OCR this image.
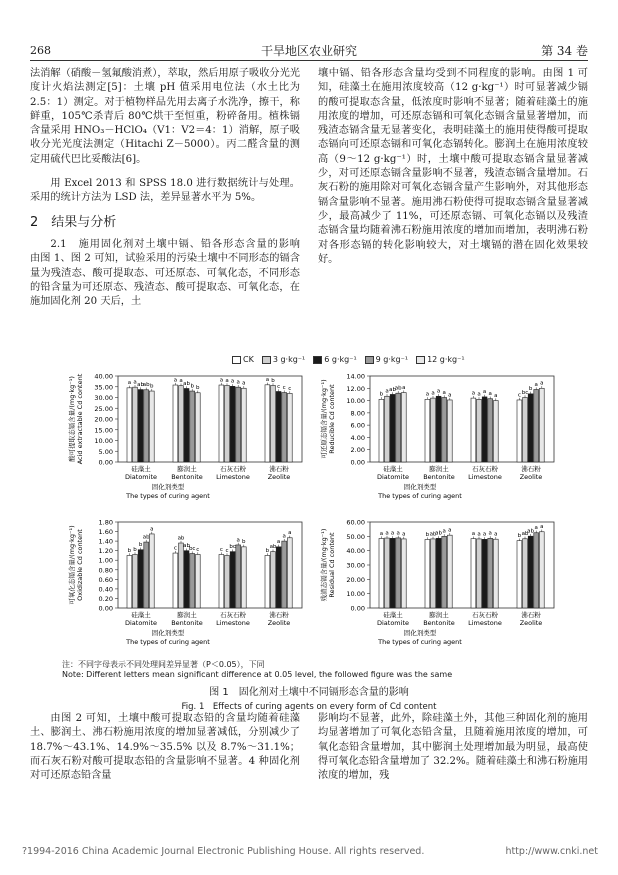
268	干旱地区农业研究	第 34 卷

法消解（硝酸－氢氟酸消煮），萃取，然后用原子吸收分光光度计火焰法测定[5]：土壤 pH 值采用电位法（水土比为 2.5：1）测定。对于植物样品先用去离子水洗净，擦干，称鲜重，105℃杀青后 80℃烘干至恒重，粉碎备用。植株镉含量采用 HNO₃－HClO₄（V1：V2＝4：1）消解，原子吸收分光光度法测定（Hitachi Z－5000）。丙二醛含量的测定用硫代巴比妥酸法[6]。

用 Excel 2013 和 SPSS 18.0 进行数据统计与处理。采用的统计方法为 LSD 法，差异显著水平为 5%。

2　结果与分析

2.1　施用固化剂对土壤中镉、铅各形态含量的影响　由图 1、图 2 可知，试验采用的污染土壤中不同形态的镉含量为残渣态、酸可提取态、可还原态、可氧化态，不同形态的铅含量为可还原态、残渣态、酸可提取态、可氧化态，在施加固化剂 20 天后，土

壤中镉、铅各形态含量均受到不同程度的影响。由图 1 可知，硅藻土在施用浓度较高（12 g·kg⁻¹）时可显著减少镉的酸可提取态含量，低浓度时影响不显著；随着硅藻土的施用浓度的增加，可还原态镉和可氧化态镉含量显著增加，而残渣态镉含量无显著变化，表明硅藻土的施用使得酸可提取态镉向可还原态镉和可氧化态镉转化。膨润土在施用浓度较高（9～12 g·kg⁻¹）时，土壤中酸可提取态镉含量显著减少，对可还原态镉含量影响不显著，残渣态镉含量增加。石灰石粉的施用除对可氧化态镉含量产生影响外，对其他形态镉含量影响不显著。施用沸石粉使得可提取态镉含量显著减少，最高减少了 11%，可还原态镉、可氧化态镉以及残渣态镉含量均随着沸石粉施用浓度的增加而增加，表明沸石粉对各形态镉的转化影响较大，对土壤镉的潜在固化效果较好。

CK	3 g·kg⁻¹	6 g·kg⁻¹	9 g·kg⁻¹	12 g·kg⁻¹
0.00
5.00
10.00
15.00
20.00
25.00
30.00
35.00
40.00
酸可提取态镉含量/(mg·kg⁻¹) Acid extractable Cd content	a a ab
ab b
硅藻土
Diatomite
a a ab b b
膨润土
Bentonite
a a a a a
石灰石粉
Limestone
a b
c c c
沸石粉
Zeolite
固化剂类型
The types of curing agent
0.00
2.00
4.00
6.00
8.00
10.00
12.00
14.00
可还原态镉含量/(mg·kg⁻¹) Reducible Cd content	b
a ab
ab a
硅藻土
Diatomite
a a a a a
膨润土
Bentonite
a a a a a
石灰石粉
Limestone
c bc
b
a a
沸石粉
Zeolite
固化剂类型
The types of curing agent
0.00
0.20
0.40
0.60
0.80
1.00
1.20
1.40
1.60
1.80
可氧化态镉含量/(mg·kg⁻¹) Oxidizable Cd content	b b
b
ab
a
硅藻土
Diatomite
c
ab
ab
bc c
膨润土
Bentonite
c c
bc
a b
石灰石粉
Limestone
b
ab
a
a
a
沸石粉
Zeolite
固化剂类型
The types of curing agent
0.00
10.00
20.00
30.00
40.00
50.00
60.00
残渣态镉含量/(mg·kg⁻¹) Residual Cd content	a a a a a
硅藻土
Diatomite
b ab
ab a a
膨润土
Bentonite
a a a a a
石灰石粉
Limestone
b ab
ab
a a
沸石粉
Zeolite
固化剂类型
The types of curing agent
注：不同字母表示不同处理间差异显著（P＜0.05），下同
Note: Different letters mean significant difference at 0.05 level, the followed figure was the same
图 1　固化剂对土壤中不同镉形态含量的影响
Fig. 1　Effects of curing agents on every form of Cd content

由图 2 可知，土壤中酸可提取态铅的含量均随着硅藻土、膨润土、沸石粉施用浓度的增加显著减低，分别减少了 18.7%～43.1%、14.9%～35.5% 以及 8.7%～31.1%；而石灰石粉对酸可提取态铅的含量影响不显著。4 种固化剂对可还原态铅含量

影响均不显著，此外，除硅藻土外，其他三种固化剂的施用均显著增加了可氧化态铅含量，且随着施用浓度的增加，可氧化态铅含量增加，其中膨润土处理增加最为明显，最高使得可氧化态铅含量增加了 32.2%。随着硅藻土和沸石粉施用浓度的增加，残

?1994-2016 China Academic Journal Electronic Publishing House. All rights reserved.	http://www.cnki.net
